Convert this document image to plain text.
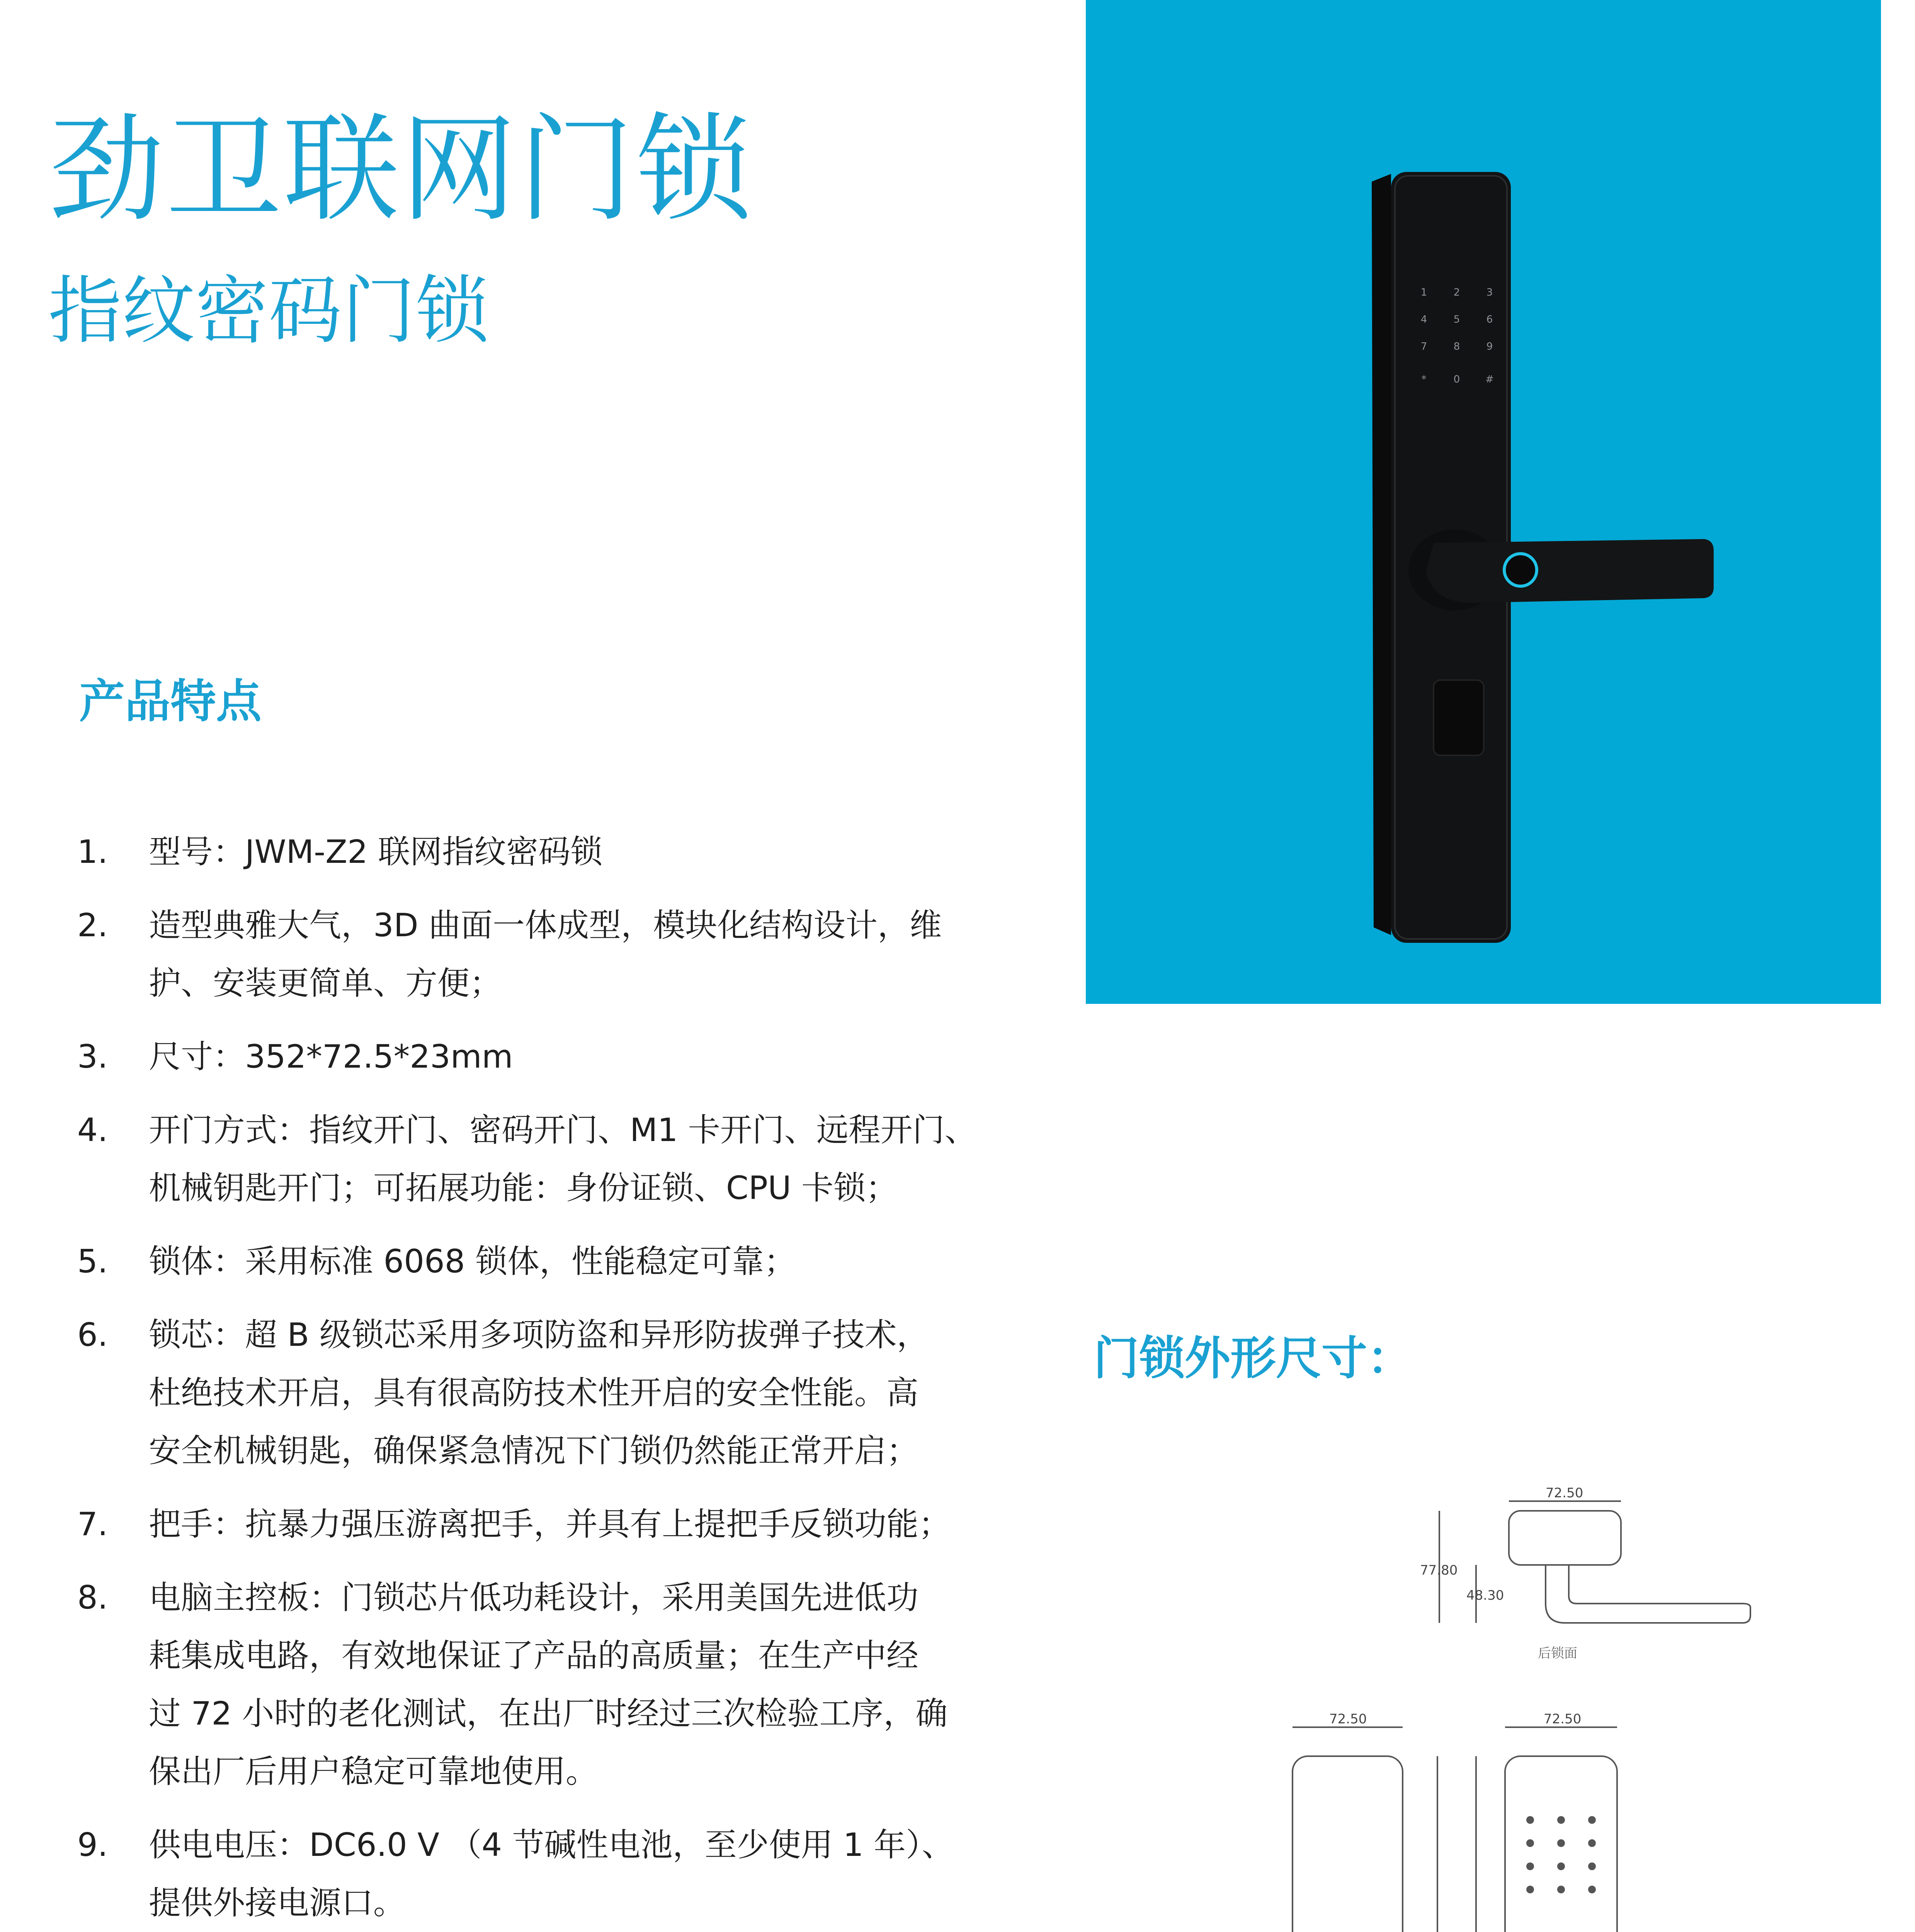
劲卫联网门锁
指纹密码门锁
产品特点
1. 型号：JWM-Z2 联网指纹密码锁
2. 造型典雅大气，3D 曲面一体成型，模块化结构设计，维
护、安装更简单、方便；
3. 尺寸：352*72.5*23mm
4. 开门方式：指纹开门、密码开门、M1 卡开门、远程开门、
机械钥匙开门；可拓展功能：身份证锁、CPU 卡锁；
5. 锁体：采用标准 6068 锁体，性能稳定可靠；
6. 锁芯：超 B 级锁芯采用多项防盗和异形防拔弹子技术，
杜绝技术开启，具有很高防技术性开启的安全性能。高
安全机械钥匙，确保紧急情况下门锁仍然能正常开启；
7. 把手：抗暴力强压游离把手，并具有上提把手反锁功能；
8. 电脑主控板：门锁芯片低功耗设计，采用美国先进低功
耗集成电路，有效地保证了产品的高质量；在生产中经
过 72 小时的老化测试，在出厂时经过三次检验工序，确
保出厂后用户稳定可靠地使用。
9. 供电电压：DC6.0 V （4 节碱性电池，至少使用 1 年）、
提供外接电源口。

1	2	3
4	5	6
7	8	9
*	0	#
门锁外形尺寸：
72.50
77.80
48.30
后锁面
72.50	72.50
